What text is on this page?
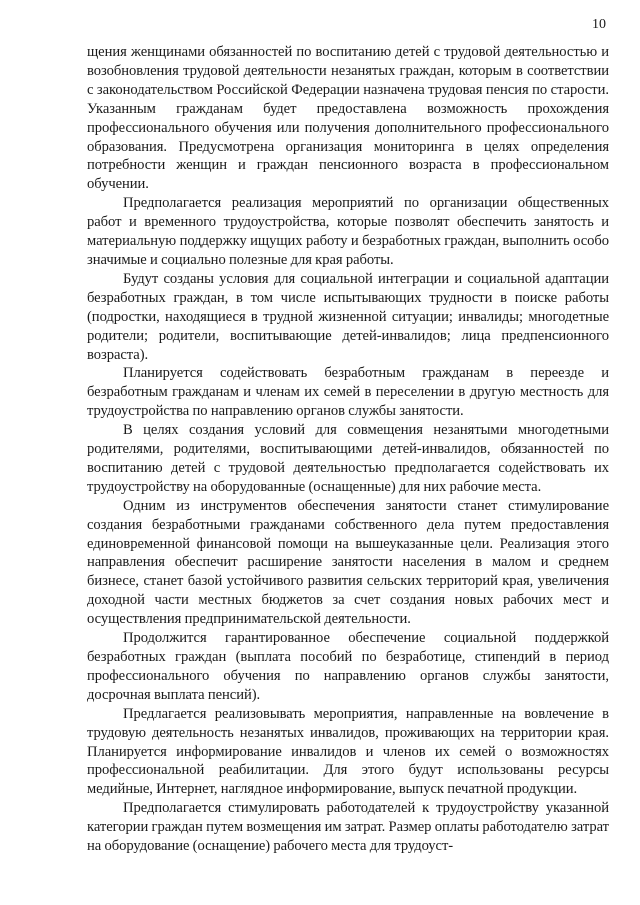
10

щения женщинами обязанностей по воспитанию детей с трудовой деятельностью и возобновления трудовой деятельности незанятых граждан, которым в соответствии с законодательством Российской Федерации назначена трудовая пенсия по старости. Указанным гражданам будет предоставлена возможность прохождения профессионального обучения или получения дополнительного профессионального образования. Предусмотрена организация мониторинга в целях определения потребности женщин и граждан пенсионного возраста в профессиональном обучении.

Предполагается реализация мероприятий по организации общественных работ и временного трудоустройства, которые позволят обеспечить занятость и материальную поддержку ищущих работу и безработных граждан, выполнить особо значимые и социально полезные для края работы.

Будут созданы условия для социальной интеграции и социальной адаптации безработных граждан, в том числе испытывающих трудности в поиске работы (подростки, находящиеся в трудной жизненной ситуации; инвалиды; многодетные родители; родители, воспитывающие детей-инвалидов; лица предпенсионного возраста).

Планируется содействовать безработным гражданам в переезде и безработным гражданам и членам их семей в переселении в другую местность для трудоустройства по направлению органов службы занятости.

В целях создания условий для совмещения незанятыми многодетными родителями, родителями, воспитывающими детей-инвалидов, обязанностей по воспитанию детей с трудовой деятельностью предполагается содействовать их трудоустройству на оборудованные (оснащенные) для них рабочие места.

Одним из инструментов обеспечения занятости станет стимулирование создания безработными гражданами собственного дела путем предоставления единовременной финансовой помощи на вышеуказанные цели. Реализация этого направления обеспечит расширение занятости населения в малом и среднем бизнесе, станет базой устойчивого развития сельских территорий края, увеличения доходной части местных бюджетов за счет создания новых рабочих мест и осуществления предпринимательской деятельности.

Продолжится гарантированное обеспечение социальной поддержкой безработных граждан (выплата пособий по безработице, стипендий в период профессионального обучения по направлению органов службы занятости, досрочная выплата пенсий).

Предлагается реализовывать мероприятия, направленные на вовлечение в трудовую деятельность незанятых инвалидов, проживающих на территории края. Планируется информирование инвалидов и членов их семей о возможностях профессиональной реабилитации. Для этого будут использованы ресурсы медийные, Интернет, наглядное информирование, выпуск печатной продукции.

Предполагается стимулировать работодателей к трудоустройству указанной категории граждан путем возмещения им затрат. Размер оплаты работодателю затрат на оборудование (оснащение) рабочего места для трудоуст-
